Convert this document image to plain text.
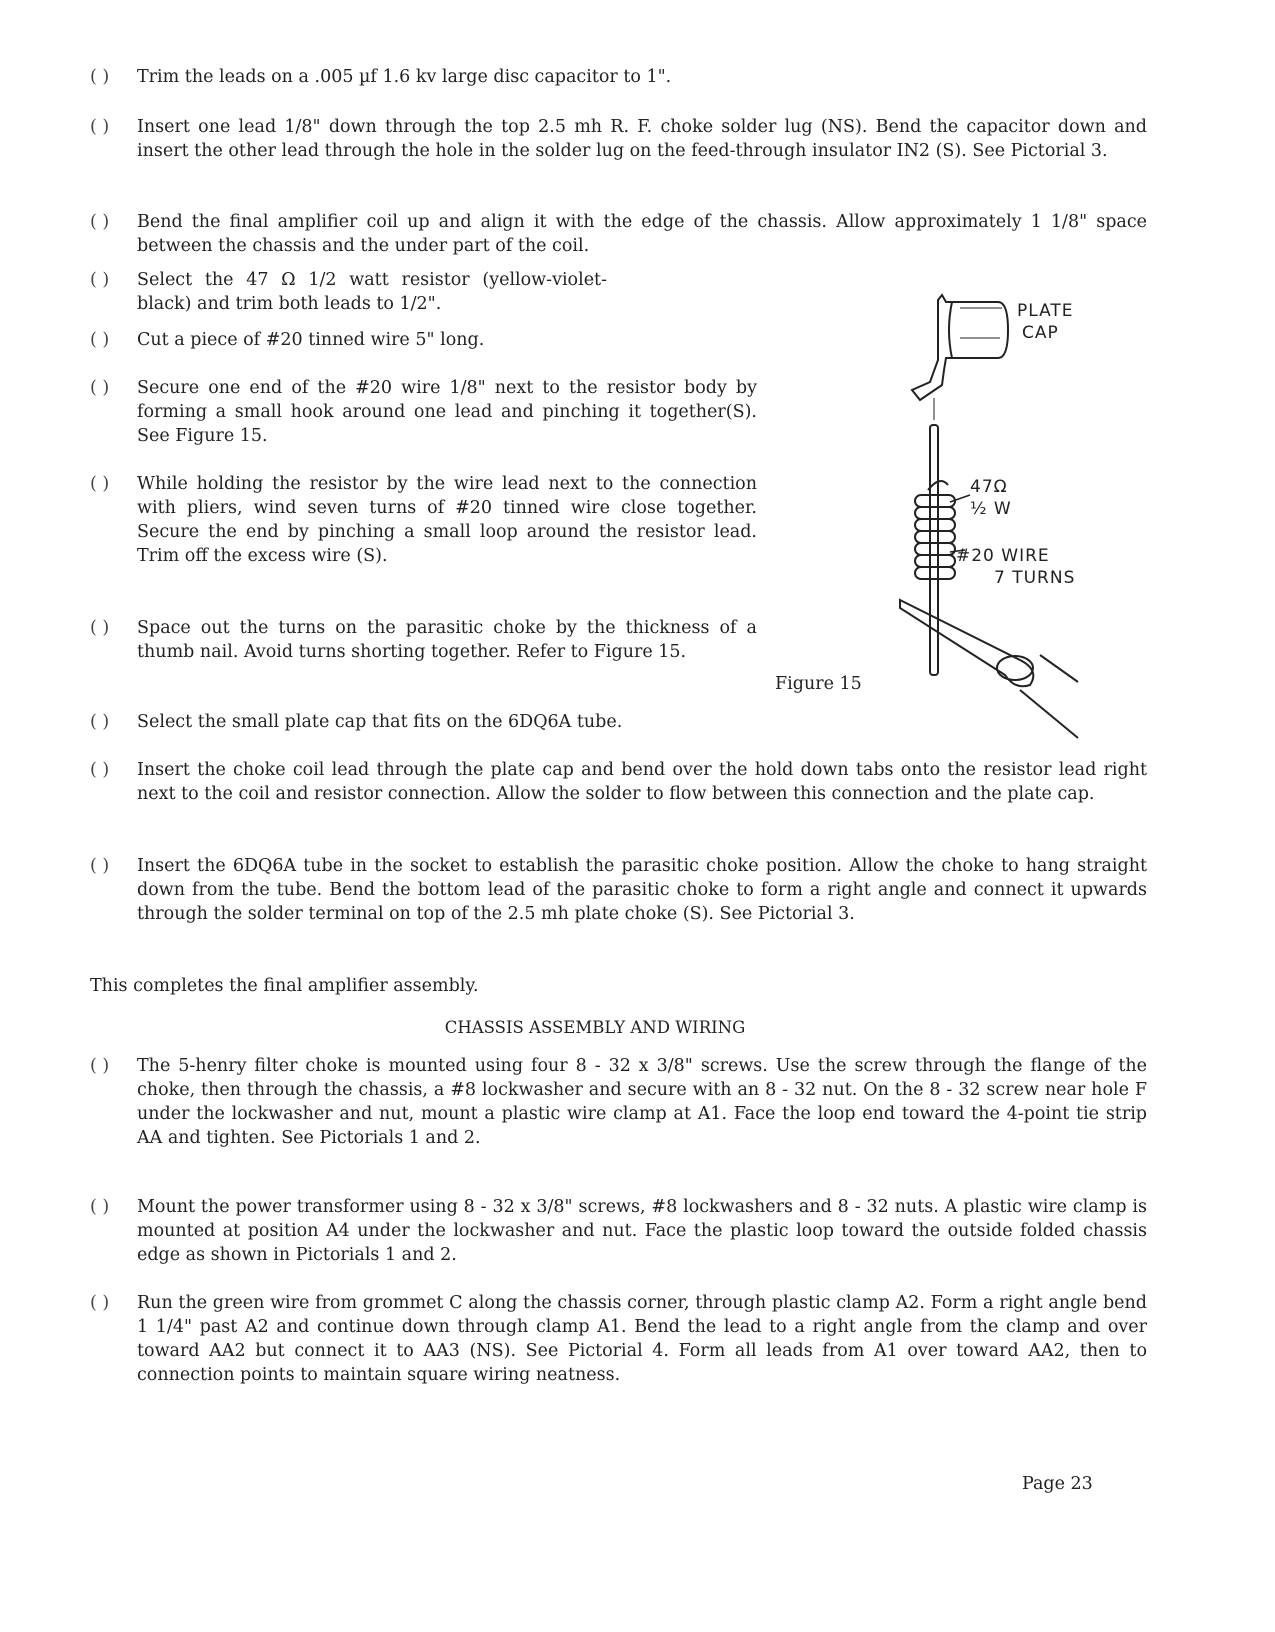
( )	Trim the leads on a .005 µf 1.6 kv large disc capacitor to 1".
( )	Insert one lead 1/8" down through the top 2.5 mh R. F. choke solder lug (NS). Bend the capacitor down and insert the other lead through the hole in the solder lug on the feed-through insulator IN2 (S). See Pictorial 3.
( )	Bend the final amplifier coil up and align it with the edge of the chassis. Allow approximately 1 1/8" space between the chassis and the under part of the coil.
( )	Select the 47 Ω 1/2 watt resistor (yellow-violet-black) and trim both leads to 1/2".
( )	Cut a piece of #20 tinned wire 5" long.
( )	Secure one end of the #20 wire 1/8" next to the resistor body by forming a small hook around one lead and pinching it together(S). See Figure 15.
( )	While holding the resistor by the wire lead next to the connection with pliers, wind seven turns of #20 tinned wire close together. Secure the end by pinching a small loop around the resistor lead. Trim off the excess wire (S).
( )	Space out the turns on the parasitic choke by the thickness of a thumb nail. Avoid turns shorting together. Refer to Figure 15.
( )	Select the small plate cap that fits on the 6DQ6A tube.
( )	Insert the choke coil lead through the plate cap and bend over the hold down tabs onto the resistor lead right next to the coil and resistor connection. Allow the solder to flow between this connection and the plate cap.
( )	Insert the 6DQ6A tube in the socket to establish the parasitic choke position. Allow the choke to hang straight down from the tube. Bend the bottom lead of the parasitic choke to form a right angle and connect it upwards through the solder terminal on top of the 2.5 mh plate choke (S). See Pictorial 3.
This completes the final amplifier assembly.
CHASSIS ASSEMBLY AND WIRING
( )	The 5-henry filter choke is mounted using four 8 - 32 x 3/8" screws. Use the screw through the flange of the choke, then through the chassis, a #8 lockwasher and secure with an 8 - 32 nut. On the 8 - 32 screw near hole F under the lockwasher and nut, mount a plastic wire clamp at A1. Face the loop end toward the 4-point tie strip AA and tighten. See Pictorials 1 and 2.
( )	Mount the power transformer using 8 - 32 x 3/8" screws, #8 lockwashers and 8 - 32 nuts. A plastic wire clamp is mounted at position A4 under the lockwasher and nut. Face the plastic loop toward the outside folded chassis edge as shown in Pictorials 1 and 2.
( )	Run the green wire from grommet C along the chassis corner, through plastic clamp A2. Form a right angle bend 1 1/4" past A2 and continue down through clamp A1. Bend the lead to a right angle from the clamp and over toward AA2 but connect it to AA3 (NS). See Pictorial 4. Form all leads from A1 over toward AA2, then to connection points to maintain square wiring neatness.
PLATE
CAP
47Ω
½ W
#20 WIRE
7 TURNS
Figure 15
Page 23
